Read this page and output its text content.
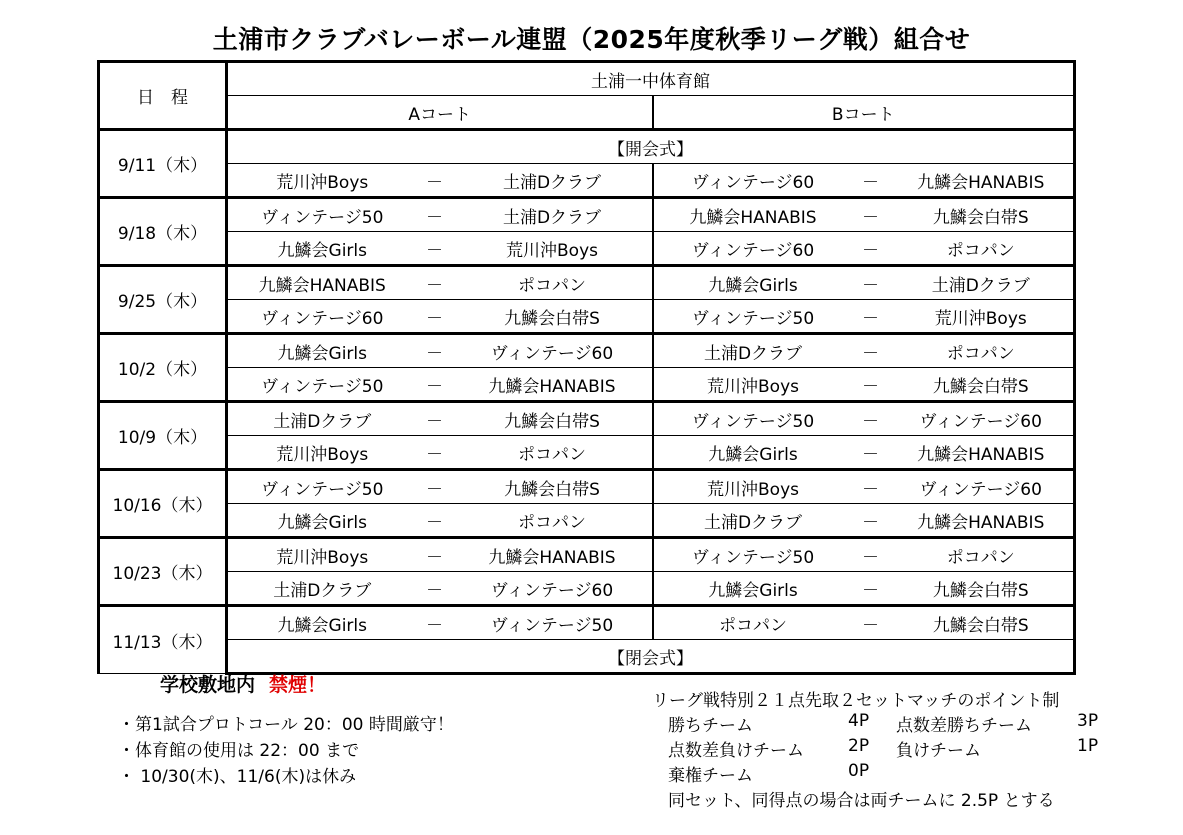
土浦市クラブバレーボール連盟（2025年度秋季リーグ戦）組合せ
日　程	土浦一中体育館					
	Aコート			Bコート		
9/11（木）	【開会式】					
	荒川沖Boys	－	土浦Dクラブ	ヴィンテージ60	－	九鱗会HANABIS
9/18（木）	ヴィンテージ50	－	土浦Dクラブ	九鱗会HANABIS	－	九鱗会白帯S
	九鱗会Girls	－	荒川沖Boys	ヴィンテージ60	－	ポコパン
9/25（木）	九鱗会HANABIS	－	ポコパン	九鱗会Girls	－	土浦Dクラブ
	ヴィンテージ60	－	九鱗会白帯S	ヴィンテージ50	－	荒川沖Boys
10/2（木）	九鱗会Girls	－	ヴィンテージ60	土浦Dクラブ	－	ポコパン
	ヴィンテージ50	－	九鱗会HANABIS	荒川沖Boys	－	九鱗会白帯S
10/9（木）	土浦Dクラブ	－	九鱗会白帯S	ヴィンテージ50	－	ヴィンテージ60
	荒川沖Boys	－	ポコパン	九鱗会Girls	－	九鱗会HANABIS
10/16（木）	ヴィンテージ50	－	九鱗会白帯S	荒川沖Boys	－	ヴィンテージ60
	九鱗会Girls	－	ポコパン	土浦Dクラブ	－	九鱗会HANABIS
10/23（木）	荒川沖Boys	－	九鱗会HANABIS	ヴィンテージ50	－	ポコパン
	土浦Dクラブ	－	ヴィンテージ60	九鱗会Girls	－	九鱗会白帯S
11/13（木）	九鱗会Girls	－	ヴィンテージ50	ポコパン	－	九鱗会白帯S
	【閉会式】					
学校敷地内 禁煙！
・第1試合プロトコール 20：00 時間厳守！
・体育館の使用は 22：00 まで
・ 10/30(木)、11/6(木)は休み
リーグ戦特別２１点先取２セットマッチのポイント制
勝ちチーム	4P 点数差勝ちチーム	3P
点数差負けチーム	2P 負けチーム	1P
棄権チーム	0P
同セット、同得点の場合は両チームに 2.5P とする
